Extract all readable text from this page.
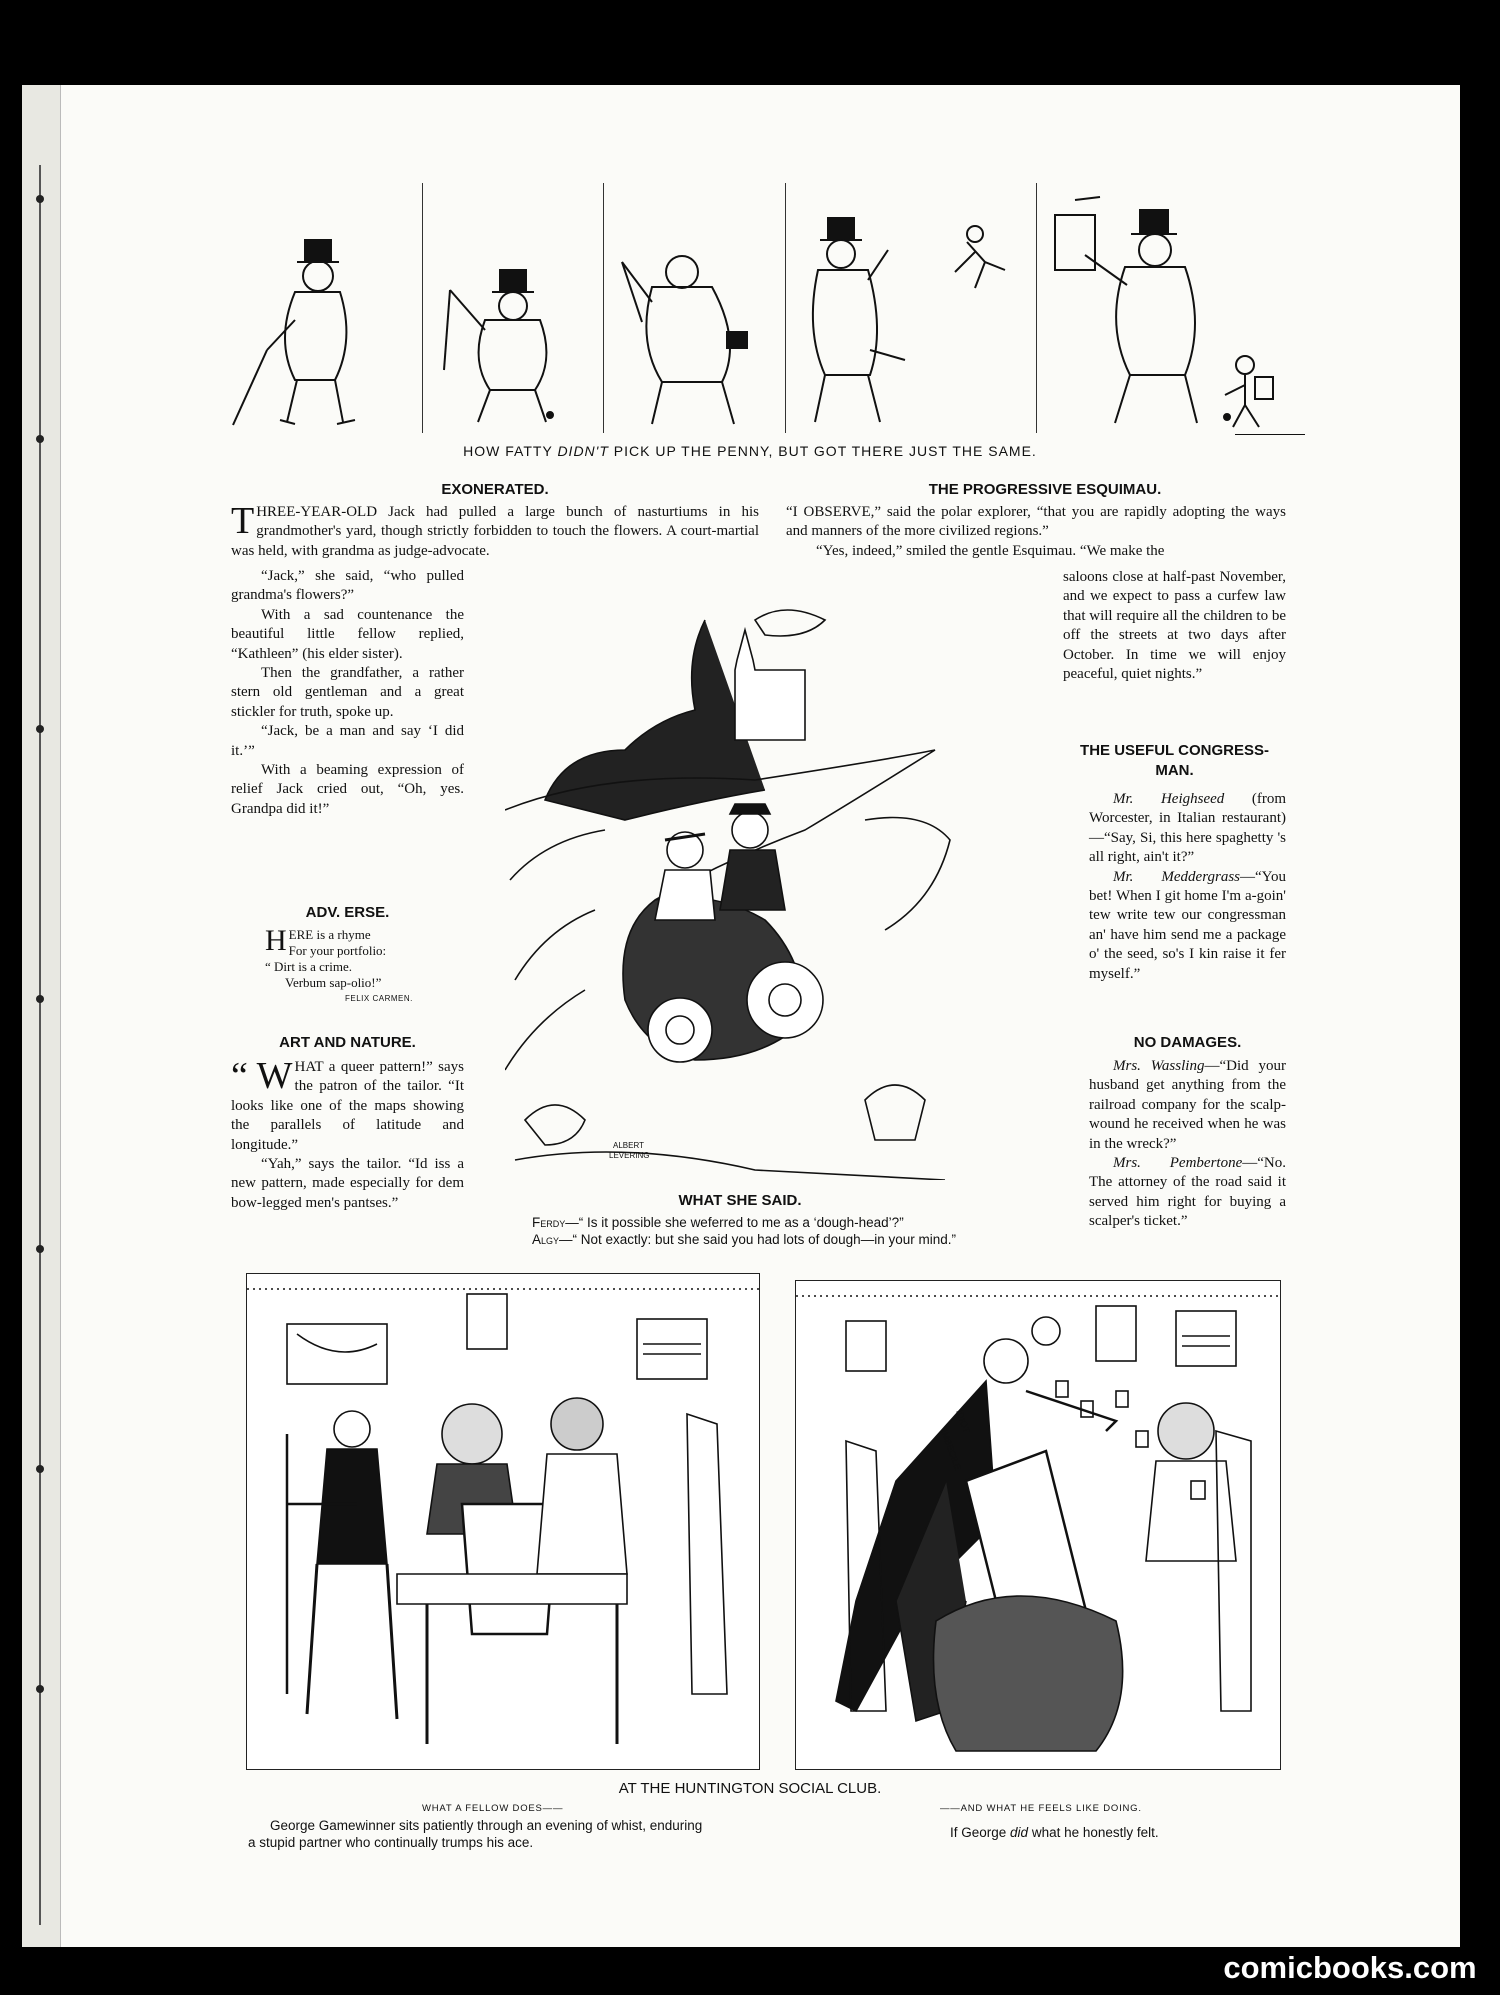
HOW FATTY DIDN'T PICK UP THE PENNY, BUT GOT THERE JUST THE SAME.
EXONERATED.

THREE-YEAR-OLD Jack had pulled a large bunch of nasturtiums in his grandmother's yard, though strictly forbidden to touch the flowers. A court-martial was held, with grandma as judge-advocate.

“Jack,” she said, “who pulled grandma's flowers?”

With a sad countenance the beautiful little fellow replied, “Kathleen” (his elder sister).

Then the grandfather, a rather stern old gentleman and a great stickler for truth, spoke up.

“Jack, be a man and say ‘I did it.’”

With a beaming expression of relief Jack cried out, “Oh, yes. Grandpa did it!”

ADV. ERSE.
HERE is a rhyme
For your portfolio:
“ Dirt is a crime.
Verbum sap-olio!”
FELIX CARMEN.
ART AND NATURE.

“ W HAT a queer pattern!” says the patron of the tailor. “It looks like one of the maps showing the parallels of latitude and longitude.”

“Yah,” says the tailor. “Id iss a new pattern, made especially for dem bow-legged men's pantses.”

ALBERT
LEVERING
WHAT SHE SAID.
Ferdy—“ Is it possible she weferred to me as a ‘dough-head’?”
Algy—“ Not exactly: but she said you had lots of dough—in your mind.”
THE PROGRESSIVE ESQUIMAU.

“I OBSERVE,” said the polar explorer, “that you are rapidly adopting the ways and manners of the more civilized regions.”

“Yes, indeed,” smiled the gentle Esquimau. “We make the

saloons close at half-past November, and we expect to pass a curfew law that will require all the children to be off the streets at two days after October. In time we will enjoy peaceful, quiet nights.”

THE USEFUL CONGRESS-
MAN.

Mr. Heighseed (from Worcester, in Italian restaurant)—“Say, Si, this here spaghetty 's all right, ain't it?”

Mr. Meddergrass—“You bet! When I git home I'm a-goin' tew write tew our congressman an' have him send me a package o' the seed, so's I kin raise it fer myself.”

NO DAMAGES.

Mrs. Wassling—“Did your husband get anything from the railroad company for the scalp-wound he received when he was in the wreck?”

Mrs. Pembertone—“No. The attorney of the road said it served him right for buying a scalper's ticket.”

IDIOT
IMBECILE
AT THE HUNTINGTON SOCIAL CLUB.
WHAT A FELLOW DOES——
George Gamewinner sits patiently through an evening of whist, enduring
a stupid partner who continually trumps his ace.
——AND WHAT HE FEELS LIKE DOING.
If George did what he honestly felt.
comicbooks.com
